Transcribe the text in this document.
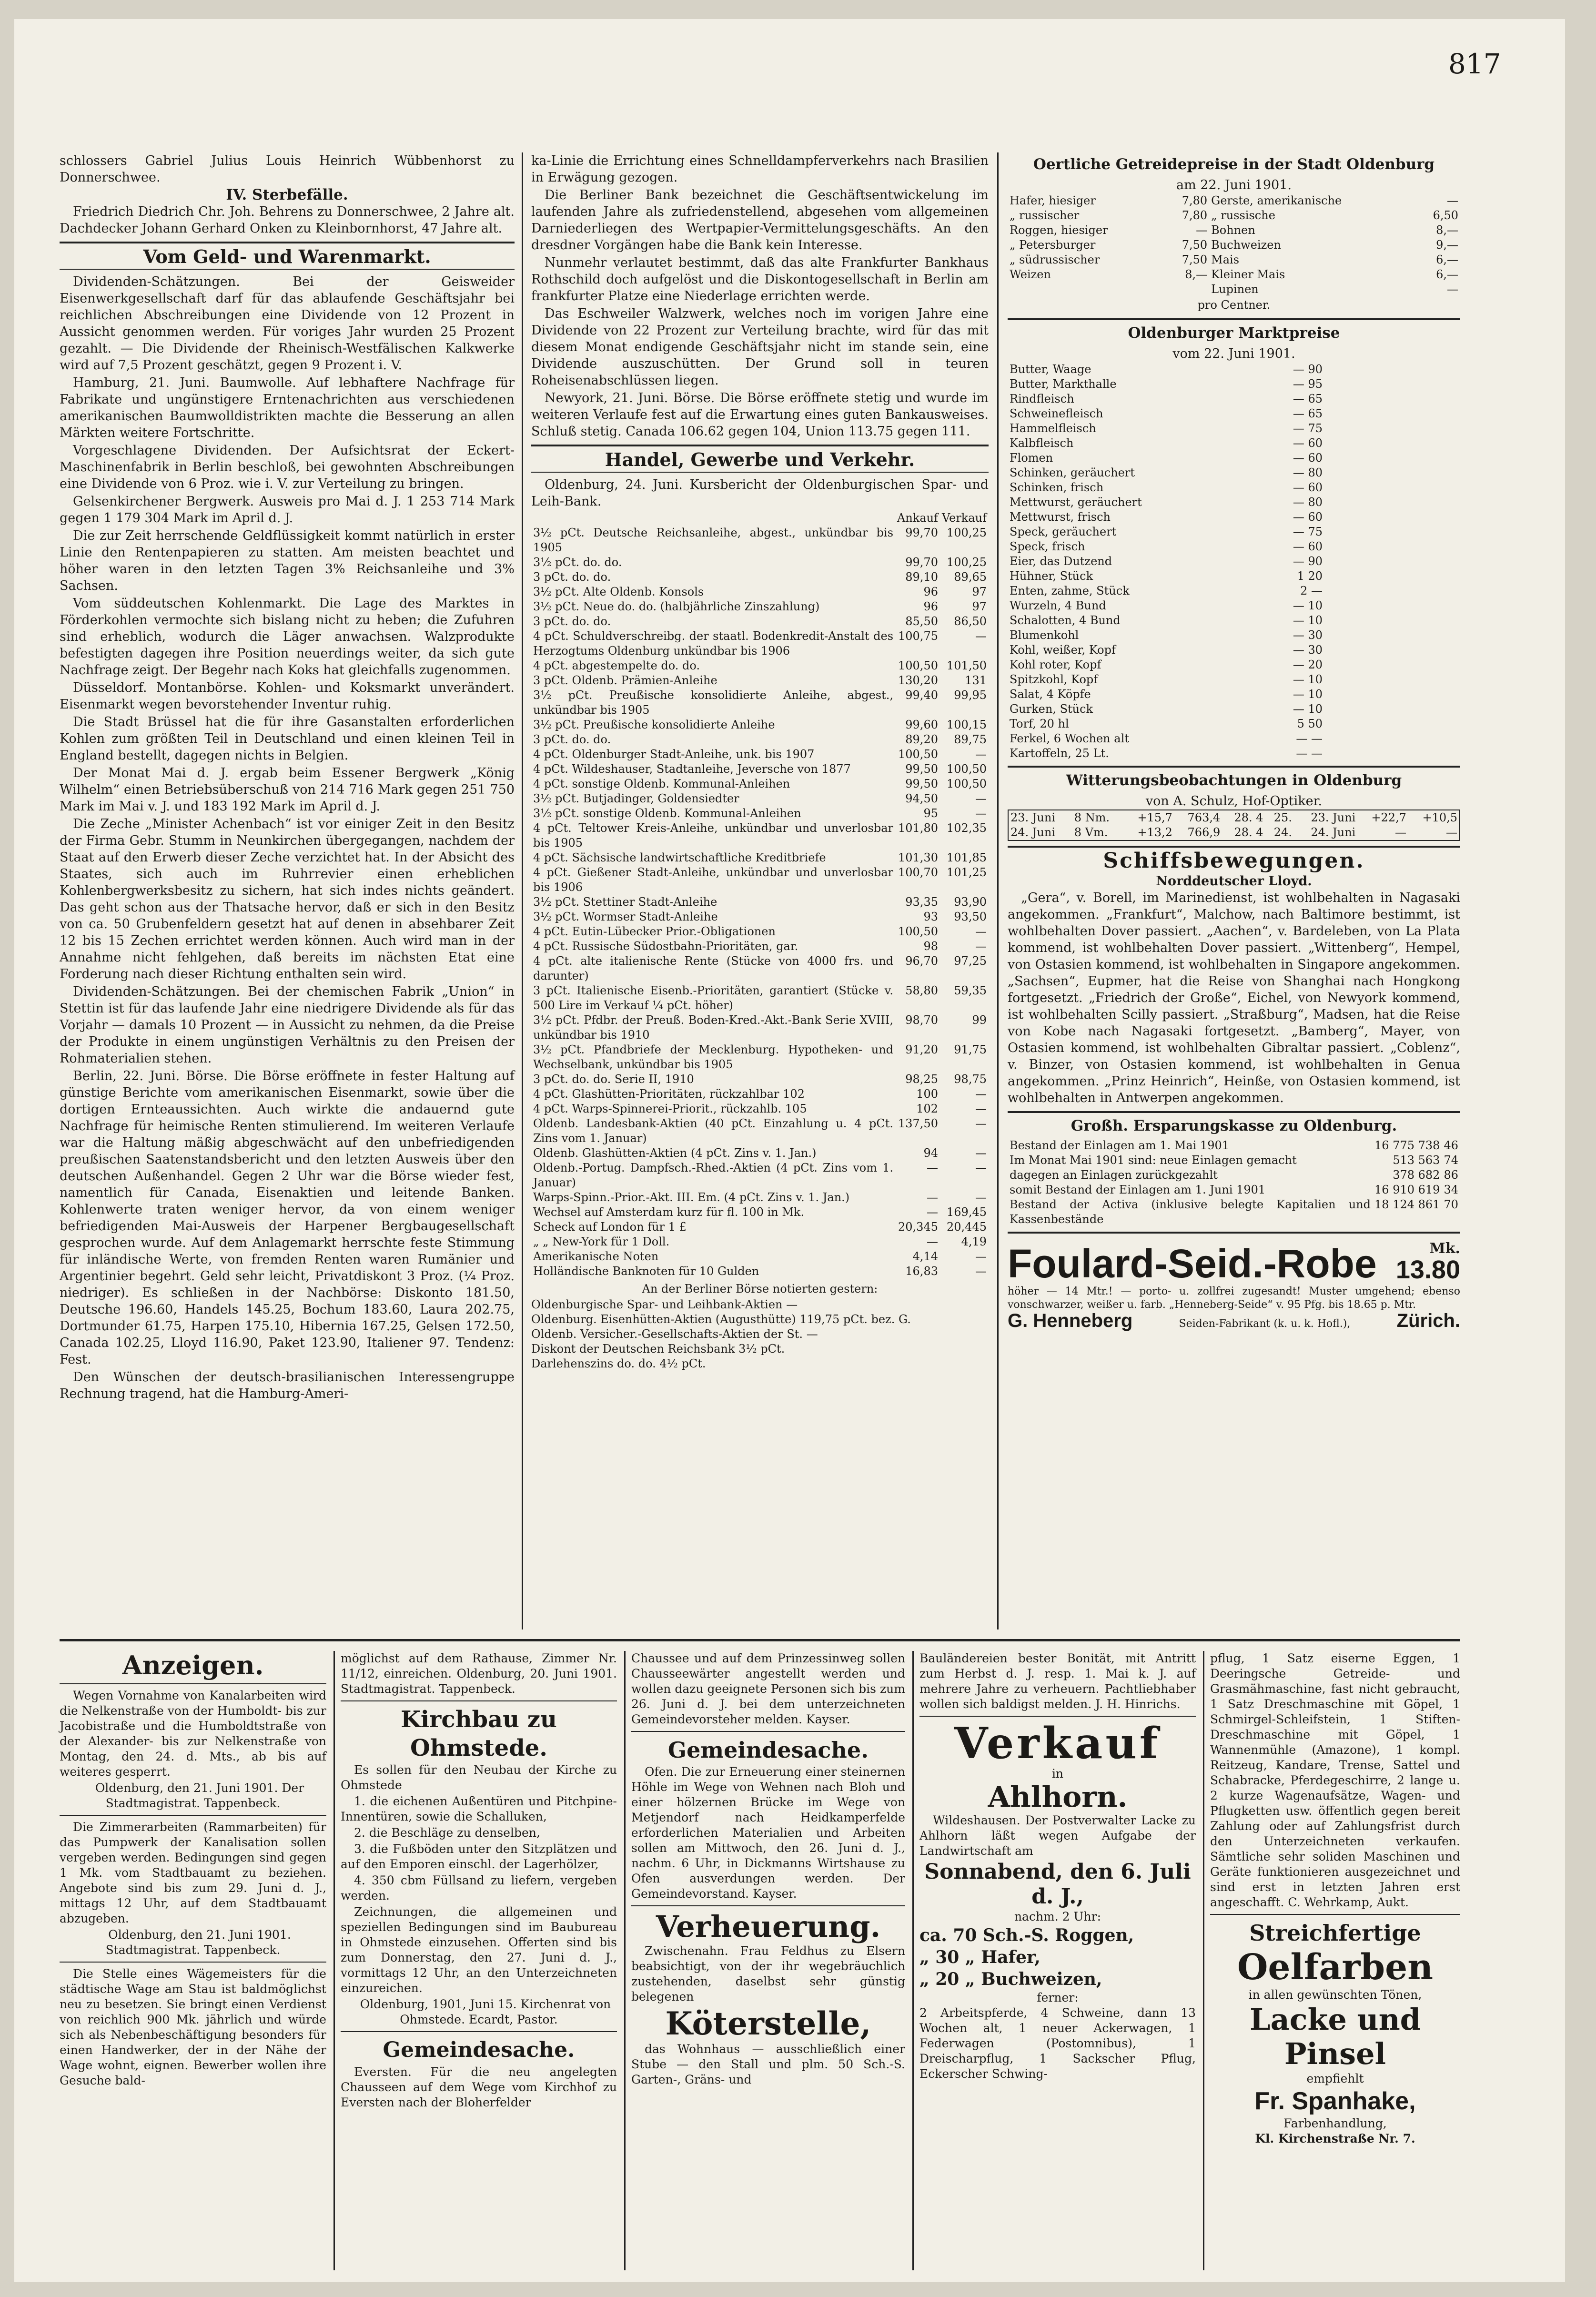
817

schlossers Gabriel Julius Louis Heinrich Wübbenhorst zu Donnerschwee.

IV. Sterbefälle.

Friedrich Diedrich Chr. Joh. Behrens zu Donnerschwee, 2 Jahre alt. Dachdecker Johann Gerhard Onken zu Kleinbornhorst, 47 Jahre alt.

Vom Geld- und Warenmarkt.

Dividenden-Schätzungen. Bei der Geisweider Eisenwerkgesellschaft darf für das ablaufende Geschäftsjahr bei reichlichen Abschreibungen eine Dividende von 12 Prozent in Aussicht genommen werden. Für voriges Jahr wurden 25 Prozent gezahlt. — Die Dividende der Rheinisch-Westfälischen Kalkwerke wird auf 7,5 Prozent geschätzt, gegen 9 Prozent i. V.

Hamburg, 21. Juni. Baumwolle. Auf lebhaftere Nachfrage für Fabrikate und ungünstigere Erntenachrichten aus verschiedenen amerikanischen Baumwolldistrikten machte die Besserung an allen Märkten weitere Fortschritte.

Vorgeschlagene Dividenden. Der Aufsichtsrat der Eckert-Maschinenfabrik in Berlin beschloß, bei gewohnten Abschreibungen eine Dividende von 6 Proz. wie i. V. zur Verteilung zu bringen.

Gelsenkirchener Bergwerk. Ausweis pro Mai d. J. 1 253 714 Mark gegen 1 179 304 Mark im April d. J.

Die zur Zeit herrschende Geldflüssigkeit kommt natürlich in erster Linie den Rentenpapieren zu statten. Am meisten beachtet und höher waren in den letzten Tagen 3% Reichsanleihe und 3% Sachsen.

Vom süddeutschen Kohlenmarkt. Die Lage des Marktes in Förderkohlen vermochte sich bislang nicht zu heben; die Zufuhren sind erheblich, wodurch die Läger anwachsen. Walzprodukte befestigten dagegen ihre Position neuerdings weiter, da sich gute Nachfrage zeigt. Der Begehr nach Koks hat gleichfalls zugenommen.

Düsseldorf. Montanbörse. Kohlen- und Koksmarkt unverändert. Eisenmarkt wegen bevorstehender Inventur ruhig.

Die Stadt Brüssel hat die für ihre Gasanstalten erforderlichen Kohlen zum größten Teil in Deutschland und einen kleinen Teil in England bestellt, dagegen nichts in Belgien.

Der Monat Mai d. J. ergab beim Essener Bergwerk „König Wilhelm“ einen Betriebsüberschuß von 214 716 Mark gegen 251 750 Mark im Mai v. J. und 183 192 Mark im April d. J.

Die Zeche „Minister Achenbach“ ist vor einiger Zeit in den Besitz der Firma Gebr. Stumm in Neunkirchen übergegangen, nachdem der Staat auf den Erwerb dieser Zeche verzichtet hat. In der Absicht des Staates, sich auch im Ruhrrevier einen erheblichen Kohlenbergwerksbesitz zu sichern, hat sich indes nichts geändert. Das geht schon aus der Thatsache hervor, daß er sich in den Besitz von ca. 50 Grubenfeldern gesetzt hat auf denen in absehbarer Zeit 12 bis 15 Zechen errichtet werden können. Auch wird man in der Annahme nicht fehlgehen, daß bereits im nächsten Etat eine Forderung nach dieser Richtung enthalten sein wird.

Dividenden-Schätzungen. Bei der chemischen Fabrik „Union“ in Stettin ist für das laufende Jahr eine niedrigere Dividende als für das Vorjahr — damals 10 Prozent — in Aussicht zu nehmen, da die Preise der Produkte in einem ungünstigen Verhältnis zu den Preisen der Rohmaterialien stehen.

Berlin, 22. Juni. Börse. Die Börse eröffnete in fester Haltung auf günstige Berichte vom amerikanischen Eisenmarkt, sowie über die dortigen Ernteaussichten. Auch wirkte die andauernd gute Nachfrage für heimische Renten stimulierend. Im weiteren Verlaufe war die Haltung mäßig abgeschwächt auf den unbefriedigenden preußischen Saatenstandsbericht und den letzten Ausweis über den deutschen Außenhandel. Gegen 2 Uhr war die Börse wieder fest, namentlich für Canada, Eisenaktien und leitende Banken. Kohlenwerte traten weniger hervor, da von einem weniger befriedigenden Mai-Ausweis der Harpener Bergbaugesellschaft gesprochen wurde. Auf dem Anlagemarkt herrschte feste Stimmung für inländische Werte, von fremden Renten waren Rumänier und Argentinier begehrt. Geld sehr leicht, Privatdiskont 3 Proz. (¼ Proz. niedriger). Es schließen in der Nachbörse: Diskonto 181.50, Deutsche 196.60, Handels 145.25, Bochum 183.60, Laura 202.75, Dortmunder 61.75, Harpen 175.10, Hibernia 167.25, Gelsen 172.50, Canada 102.25, Lloyd 116.90, Paket 123.90, Italiener 97. Tendenz: Fest.

Den Wünschen der deutsch-brasilianischen Interessengruppe Rechnung tragend, hat die Hamburg-Ameri-

ka-Linie die Errichtung eines Schnelldampferverkehrs nach Brasilien in Erwägung gezogen.

Die Berliner Bank bezeichnet die Geschäftsentwickelung im laufenden Jahre als zufriedenstellend, abgesehen vom allgemeinen Darniederliegen des Wertpapier-Vermittelungsgeschäfts. An den dresdner Vorgängen habe die Bank kein Interesse.

Nunmehr verlautet bestimmt, daß das alte Frankfurter Bankhaus Rothschild doch aufgelöst und die Diskontogesellschaft in Berlin am frankfurter Platze eine Niederlage errichten werde.

Das Eschweiler Walzwerk, welches noch im vorigen Jahre eine Dividende von 22 Prozent zur Verteilung brachte, wird für das mit diesem Monat endigende Geschäftsjahr nicht im stande sein, eine Dividende auszuschütten. Der Grund soll in teuren Roheisenabschlüssen liegen.

Newyork, 21. Juni. Börse. Die Börse eröffnete stetig und wurde im weiteren Verlaufe fest auf die Erwartung eines guten Bankausweises. Schluß stetig. Canada 106.62 gegen 104, Union 113.75 gegen 111.

Handel, Gewerbe und Verkehr.

Oldenburg, 24. Juni. Kursbericht der Oldenburgischen Spar- und Leih-Bank.

	Ankauf	Verkauf
3½ pCt. Deutsche Reichsanleihe, abgest., unkündbar bis 1905	99,70	100,25
3½ pCt. do. do.	99,70	100,25
3 pCt. do. do.	89,10	89,65
3½ pCt. Alte Oldenb. Konsols	96	97
3½ pCt. Neue do. do. (halbjährliche Zinszahlung)	96	97
3 pCt. do. do.	85,50	86,50
4 pCt. Schuldverschreibg. der staatl. Bodenkredit-Anstalt des Herzogtums Oldenburg unkündbar bis 1906	100,75	—
4 pCt. abgestempelte do. do.	100,50	101,50
3 pCt. Oldenb. Prämien-Anleihe	130,20	131
3½ pCt. Preußische konsolidierte Anleihe, abgest., unkündbar bis 1905	99,40	99,95
3½ pCt. Preußische konsolidierte Anleihe	99,60	100,15
3 pCt. do. do.	89,20	89,75
4 pCt. Oldenburger Stadt-Anleihe, unk. bis 1907	100,50	—
4 pCt. Wildeshauser, Stadtanleihe, Jeversche von 1877	99,50	100,50
4 pCt. sonstige Oldenb. Kommunal-Anleihen	99,50	100,50
3½ pCt. Butjadinger, Goldensiedter	94,50	—
3½ pCt. sonstige Oldenb. Kommunal-Anleihen	95	—
4 pCt. Teltower Kreis-Anleihe, unkündbar und unverlosbar bis 1905	101,80	102,35
4 pCt. Sächsische landwirtschaftliche Kreditbriefe	101,30	101,85
4 pCt. Gießener Stadt-Anleihe, unkündbar und unverlosbar bis 1906	100,70	101,25
3½ pCt. Stettiner Stadt-Anleihe	93,35	93,90
3½ pCt. Wormser Stadt-Anleihe	93	93,50
4 pCt. Eutin-Lübecker Prior.-Obligationen	100,50	—
4 pCt. Russische Südostbahn-Prioritäten, gar.	98	—
4 pCt. alte italienische Rente (Stücke von 4000 frs. und darunter)	96,70	97,25
3 pCt. Italienische Eisenb.-Prioritäten, garantiert (Stücke v. 500 Lire im Verkauf ¼ pCt. höher)	58,80	59,35
3½ pCt. Pfdbr. der Preuß. Boden-Kred.-Akt.-Bank Serie XVIII, unkündbar bis 1910	98,70	99
3½ pCt. Pfandbriefe der Mecklenburg. Hypotheken- und Wechselbank, unkündbar bis 1905	91,20	91,75
3 pCt. do. do. Serie II, 1910	98,25	98,75
4 pCt. Glashütten-Prioritäten, rückzahlbar 102	100	—
4 pCt. Warps-Spinnerei-Priorit., rückzahlb. 105	102	—
Oldenb. Landesbank-Aktien (40 pCt. Einzahlung u. 4 pCt. Zins vom 1. Januar)	137,50	—
Oldenb. Glashütten-Aktien (4 pCt. Zins v. 1. Jan.)	94	—
Oldenb.-Portug. Dampfsch.-Rhed.-Aktien (4 pCt. Zins vom 1. Januar)	—	—
Warps-Spinn.-Prior.-Akt. III. Em. (4 pCt. Zins v. 1. Jan.)	—	—
Wechsel auf Amsterdam kurz für fl. 100 in Mk.	—	169,45
Scheck auf London für 1 £	20,345	20,445
„ „ New-York für 1 Doll.	—	4,19
Amerikanische Noten	4,14	—
Holländische Banknoten für 10 Gulden	16,83	—
An der Berliner Börse notierten gestern:
Oldenburgische Spar- und Leihbank-Aktien —
Oldenburg. Eisenhütten-Aktien (Augusthütte) 119,75 pCt. bez. G.
Oldenb. Versicher.-Gesellschafts-Aktien der St. —
Diskont der Deutschen Reichsbank 3½ pCt.
Darlehenszins do. do. 4½ pCt.
Oertliche Getreidepreise in der Stadt Oldenburg
am 22. Juni 1901.
Hafer, hiesiger	7,80	Gerste, amerikanische	—
„ russischer	7,80	„ russische	6,50
Roggen, hiesiger	—	Bohnen	8,—
„ Petersburger	7,50	Buchweizen	9,—
„ südrussischer	7,50	Mais	6,—
Weizen	8,—	Kleiner Mais	6,—
		Lupinen	—
pro Centner.
Oldenburger Marktpreise
vom 22. Juni 1901.
Butter, Waage	— 90
Butter, Markthalle	— 95
Rindfleisch	— 65
Schweinefleisch	— 65
Hammelfleisch	— 75
Kalbfleisch	— 60
Flomen	— 60
Schinken, geräuchert	— 80
Schinken, frisch	— 60
Mettwurst, geräuchert	— 80
Mettwurst, frisch	— 60
Speck, geräuchert	— 75
Speck, frisch	— 60
Eier, das Dutzend	— 90
Hühner, Stück	1 20
Enten, zahme, Stück	2 —
Wurzeln, 4 Bund	— 10
Schalotten, 4 Bund	— 10
Blumenkohl	— 30
Kohl, weißer, Kopf	— 30
Kohl roter, Kopf	— 20
Spitzkohl, Kopf	— 10
Salat, 4 Köpfe	— 10
Gurken, Stück	— 10
Torf, 20 hl	5 50
Ferkel, 6 Wochen alt	— —
Kartoffeln, 25 Lt.	— —
Witterungsbeobachtungen in Oldenburg
von A. Schulz, Hof-Optiker.
23. Juni	8 Nm.	+15,7	763,4	28. 4	25.	23. Juni	+22,7	+10,5
24. Juni	8 Vm.	+13,2	766,9	28. 4	24.	24. Juni	—	—
Schiffsbewegungen.
Norddeutscher Lloyd.

„Gera“, v. Borell, im Marinedienst, ist wohlbehalten in Nagasaki angekommen. „Frankfurt“, Malchow, nach Baltimore bestimmt, ist wohlbehalten Dover passiert. „Aachen“, v. Bardeleben, von La Plata kommend, ist wohlbehalten Dover passiert. „Wittenberg“, Hempel, von Ostasien kommend, ist wohlbehalten in Singapore angekommen. „Sachsen“, Eupmer, hat die Reise von Shanghai nach Hongkong fortgesetzt. „Friedrich der Große“, Eichel, von Newyork kommend, ist wohlbehalten Scilly passiert. „Straßburg“, Madsen, hat die Reise von Kobe nach Nagasaki fortgesetzt. „Bamberg“, Mayer, von Ostasien kommend, ist wohlbehalten Gibraltar passiert. „Coblenz“, v. Binzer, von Ostasien kommend, ist wohlbehalten in Genua angekommen. „Prinz Heinrich“, Heinße, von Ostasien kommend, ist wohlbehalten in Antwerpen angekommen.

Großh. Ersparungskasse zu Oldenburg.
Bestand der Einlagen am 1. Mai 1901	16 775 738	46
Im Monat Mai 1901 sind: neue Einlagen gemacht	513 563	74
dagegen an Einlagen zurückgezahlt	378 682	86
somit Bestand der Einlagen am 1. Juni 1901	16 910 619	34
Bestand der Activa (inklusive belegte Kapitalien und Kassenbestände	18 124 861	70
Foulard-Seid.-Robe	Mk.
13.80

höher — 14 Mtr.! — porto- u. zollfrei zugesandt! Muster umgehend; ebenso vonschwarzer, weißer u. farb. „Henneberg-Seide“ v. 95 Pfg. bis 18.65 p. Mtr.

G. Henneberg	Seiden-Fabrikant (k. u. k. Hofl.), Zürich.
Anzeigen.

Wegen Vornahme von Kanalarbeiten wird die Nelkenstraße von der Humboldt- bis zur Jacobistraße und die Humboldtstraße von der Alexander- bis zur Nelkenstraße von Montag, den 24. d. Mts., ab bis auf weiteres gesperrt.

Oldenburg, den 21. Juni 1901. Der Stadtmagistrat. Tappenbeck.

Die Zimmerarbeiten (Rammarbeiten) für das Pumpwerk der Kanalisation sollen vergeben werden. Bedingungen sind gegen 1 Mk. vom Stadtbauamt zu beziehen. Angebote sind bis zum 29. Juni d. J., mittags 12 Uhr, auf dem Stadtbauamt abzugeben.

Oldenburg, den 21. Juni 1901. Stadtmagistrat. Tappenbeck.

Die Stelle eines Wägemeisters für die städtische Wage am Stau ist baldmöglichst neu zu besetzen. Sie bringt einen Verdienst von reichlich 900 Mk. jährlich und würde sich als Nebenbeschäftigung besonders für einen Handwerker, der in der Nähe der Wage wohnt, eignen. Bewerber wollen ihre Gesuche bald-

möglichst auf dem Rathause, Zimmer Nr. 11/12, einreichen. Oldenburg, 20. Juni 1901. Stadtmagistrat. Tappenbeck.

Kirchbau zu Ohmstede.

Es sollen für den Neubau der Kirche zu Ohmstede

1. die eichenen Außentüren und Pitchpine-Innentüren, sowie die Schalluken,

2. die Beschläge zu denselben,

3. die Fußböden unter den Sitzplätzen und auf den Emporen einschl. der Lagerhölzer,

4. 350 cbm Füllsand zu liefern, vergeben werden.

Zeichnungen, die allgemeinen und speziellen Bedingungen sind im Baubureau in Ohmstede einzusehen. Offerten sind bis zum Donnerstag, den 27. Juni d. J., vormittags 12 Uhr, an den Unterzeichneten einzureichen.

Oldenburg, 1901, Juni 15. Kirchenrat von Ohmstede. Ecardt, Pastor.

Gemeindesache.

Eversten. Für die neu angelegten Chausseen auf dem Wege vom Kirchhof zu Eversten nach der Bloherfelder

Chaussee und auf dem Prinzessinweg sollen Chausseewärter angestellt werden und wollen dazu geeignete Personen sich bis zum 26. Juni d. J. bei dem unterzeichneten Gemeindevorsteher melden. Kayser.

Gemeindesache.

Ofen. Die zur Erneuerung einer steinernen Höhle im Wege von Wehnen nach Bloh und einer hölzernen Brücke im Wege von Metjendorf nach Heidkamperfelde erforderlichen Materialien und Arbeiten sollen am Mittwoch, den 26. Juni d. J., nachm. 6 Uhr, in Dickmanns Wirtshause zu Ofen ausverdungen werden. Der Gemeindevorstand. Kayser.

Verheuerung.

Zwischenahn. Frau Feldhus zu Elsern beabsichtigt, von der ihr wegebräuchlich zustehenden, daselbst sehr günstig belegenen

Köterstelle,

das Wohnhaus — ausschließlich einer Stube — den Stall und plm. 50 Sch.-S. Garten-, Gräns- und

Bauländereien bester Bonität, mit Antritt zum Herbst d. J. resp. 1. Mai k. J. auf mehrere Jahre zu verheuern. Pachtliebhaber wollen sich baldigst melden. J. H. Hinrichs.

Verkauf
in
Ahlhorn.

Wildeshausen. Der Postverwalter Lacke zu Ahlhorn läßt wegen Aufgabe der Landwirtschaft am

Sonnabend, den 6. Juli d. J.,
nachm. 2 Uhr:
ca. 70 Sch.-S. Roggen,
„ 30 „ Hafer,
„ 20 „ Buchweizen,
ferner:

2 Arbeitspferde, 4 Schweine, dann 13 Wochen alt, 1 neuer Ackerwagen, 1 Federwagen (Postomnibus), 1 Dreischarpflug, 1 Sackscher Pflug, Eckerscher Schwing-

pflug, 1 Satz eiserne Eggen, 1 Deeringsche Getreide- und Grasmähmaschine, fast nicht gebraucht, 1 Satz Dreschmaschine mit Göpel, 1 Schmirgel-Schleifstein, 1 Stiften-Dreschmaschine mit Göpel, 1 Wannenmühle (Amazone), 1 kompl. Reitzeug, Kandare, Trense, Sattel und Schabracke, Pferdegeschirre, 2 lange u. 2 kurze Wagenaufsätze, Wagen- und Pflugketten usw. öffentlich gegen bereit Zahlung oder auf Zahlungsfrist durch den Unterzeichneten verkaufen. Sämtliche sehr soliden Maschinen und Geräte funktionieren ausgezeichnet und sind erst in letzten Jahren erst angeschafft. C. Wehrkamp, Aukt.

Streichfertige
Oelfarben
in allen gewünschten Tönen,
Lacke und Pinsel
empfiehlt
Fr. Spanhake,
Farbenhandlung,
Kl. Kirchenstraße Nr. 7.
